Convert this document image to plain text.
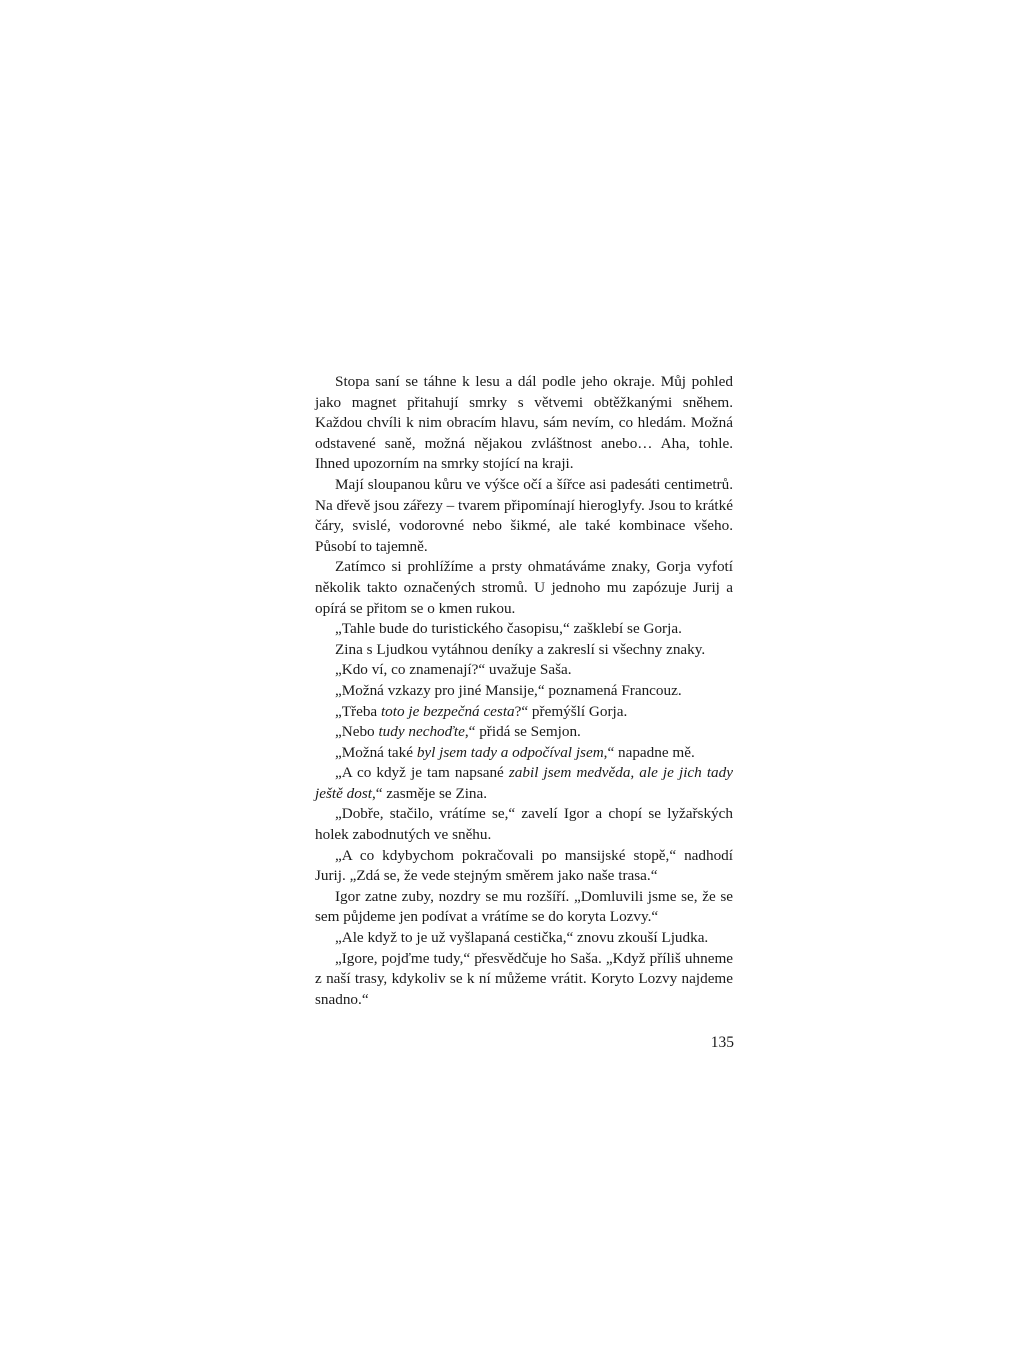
Stopa saní se táhne k lesu a dál podle jeho okraje. Můj pohled jako magnet přitahují smrky s větvemi obtěžkanými sněhem. Každou chvíli k nim obracím hlavu, sám nevím, co hledám. Možná odstavené saně, možná nějakou zvláštnost anebo… Aha, tohle. Ihned upozorním na smrky stojící na kraji.

Mají sloupanou kůru ve výšce očí a šířce asi padesáti centimetrů. Na dřevě jsou zářezy – tvarem připomínají hieroglyfy. Jsou to krátké čáry, svislé, vodorovné nebo šikmé, ale také kombinace všeho. Působí to tajemně.

Zatímco si prohlížíme a prsty ohmatáváme znaky, Gorja vyfotí několik takto označených stromů. U jednoho mu zapózuje Jurij a opírá se přitom se o kmen rukou.

„Tahle bude do turistického časopisu,“ zašklebí se Gorja.

Zina s Ljudkou vytáhnou deníky a zakreslí si všechny znaky.

„Kdo ví, co znamenají?“ uvažuje Saša.

„Možná vzkazy pro jiné Mansije,“ poznamená Francouz.

„Třeba toto je bezpečná cesta?“ přemýšlí Gorja.

„Nebo tudy nechoďte,“ přidá se Semjon.

„Možná také byl jsem tady a odpočíval jsem,“ napadne mě.

„A co když je tam napsané zabil jsem medvěda, ale je jich tady ještě dost,“ zasměje se Zina.

„Dobře, stačilo, vrátíme se,“ zavelí Igor a chopí se lyžařských holek zabodnutých ve sněhu.

„A co kdybychom pokračovali po mansijské stopě,“ nadhodí Jurij. „Zdá se, že vede stejným směrem jako naše trasa.“

Igor zatne zuby, nozdry se mu rozšíří. „Domluvili jsme se, že se sem půjdeme jen podívat a vrátíme se do koryta Lozvy.“

„Ale když to je už vyšlapaná cestička,“ znovu zkouší Ljudka.

„Igore, pojďme tudy,“ přesvědčuje ho Saša. „Když příliš uhneme z naší trasy, kdykoliv se k ní můžeme vrátit. Koryto Lozvy najdeme snadno.“

135
